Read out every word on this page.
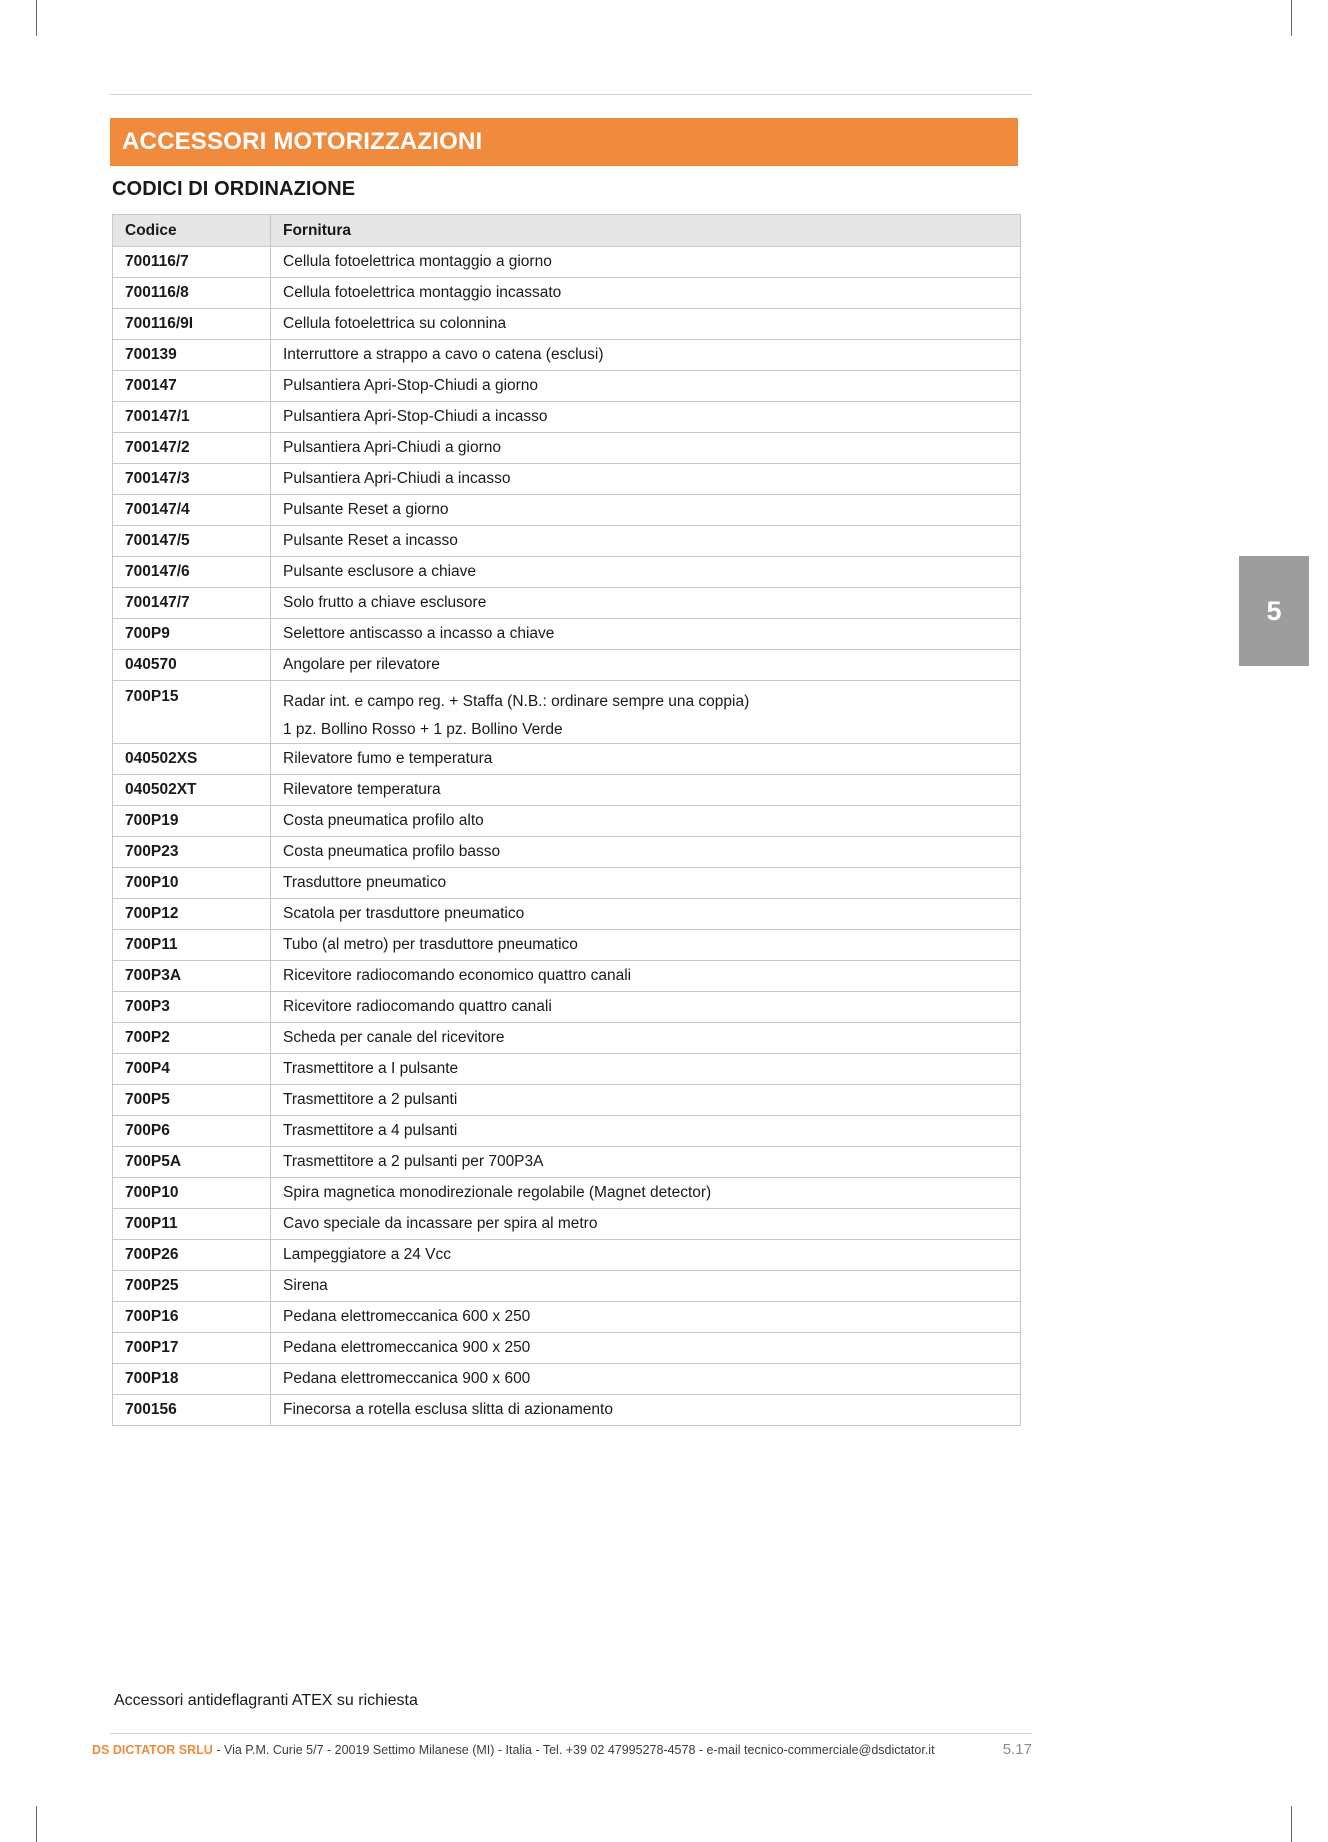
ACCESSORI MOTORIZZAZIONI
CODICI DI ORDINAZIONE
Codice	Fornitura
700116/7	Cellula fotoelettrica montaggio a giorno
700116/8	Cellula fotoelettrica montaggio incassato
700116/9I	Cellula fotoelettrica su colonnina
700139	Interruttore a strappo a cavo o catena (esclusi)
700147	Pulsantiera Apri-Stop-Chiudi a giorno
700147/1	Pulsantiera Apri-Stop-Chiudi a incasso
700147/2	Pulsantiera Apri-Chiudi a giorno
700147/3	Pulsantiera Apri-Chiudi a incasso
700147/4	Pulsante Reset a giorno
700147/5	Pulsante Reset a incasso
700147/6	Pulsante esclusore a chiave
700147/7	Solo frutto a chiave esclusore
700P9	Selettore antiscasso a incasso a chiave
040570	Angolare per rilevatore
700P15	Radar int. e campo reg. + Staffa (N.B.: ordinare sempre una coppia)
1 pz. Bollino Rosso + 1 pz. Bollino Verde

040502XS	Rilevatore fumo e temperatura
040502XT	Rilevatore temperatura
700P19	Costa pneumatica profilo alto
700P23	Costa pneumatica profilo basso
700P10	Trasduttore pneumatico
700P12	Scatola per trasduttore pneumatico
700P11	Tubo (al metro) per trasduttore pneumatico
700P3A	Ricevitore radiocomando economico quattro canali
700P3	Ricevitore radiocomando quattro canali
700P2	Scheda per canale del ricevitore
700P4	Trasmettitore a I pulsante
700P5	Trasmettitore a 2 pulsanti
700P6	Trasmettitore a 4 pulsanti
700P5A	Trasmettitore a 2 pulsanti per 700P3A
700P10	Spira magnetica monodirezionale regolabile (Magnet detector)
700P11	Cavo speciale da incassare per spira al metro
700P26	Lampeggiatore a 24 Vcc
700P25	Sirena
700P16	Pedana elettromeccanica 600 x 250
700P17	Pedana elettromeccanica 900 x 250
700P18	Pedana elettromeccanica 900 x 600
700156	Finecorsa a rotella esclusa slitta di azionamento
Accessori antideflagranti ATEX su richiesta
DS DICTATOR SRLU - Via P.M. Curie 5/7 - 20019 Settimo Milanese (MI) - Italia - Tel. +39 02 47995278-4578 - e-mail tecnico-commerciale@dsdictator.it	5.17
5
